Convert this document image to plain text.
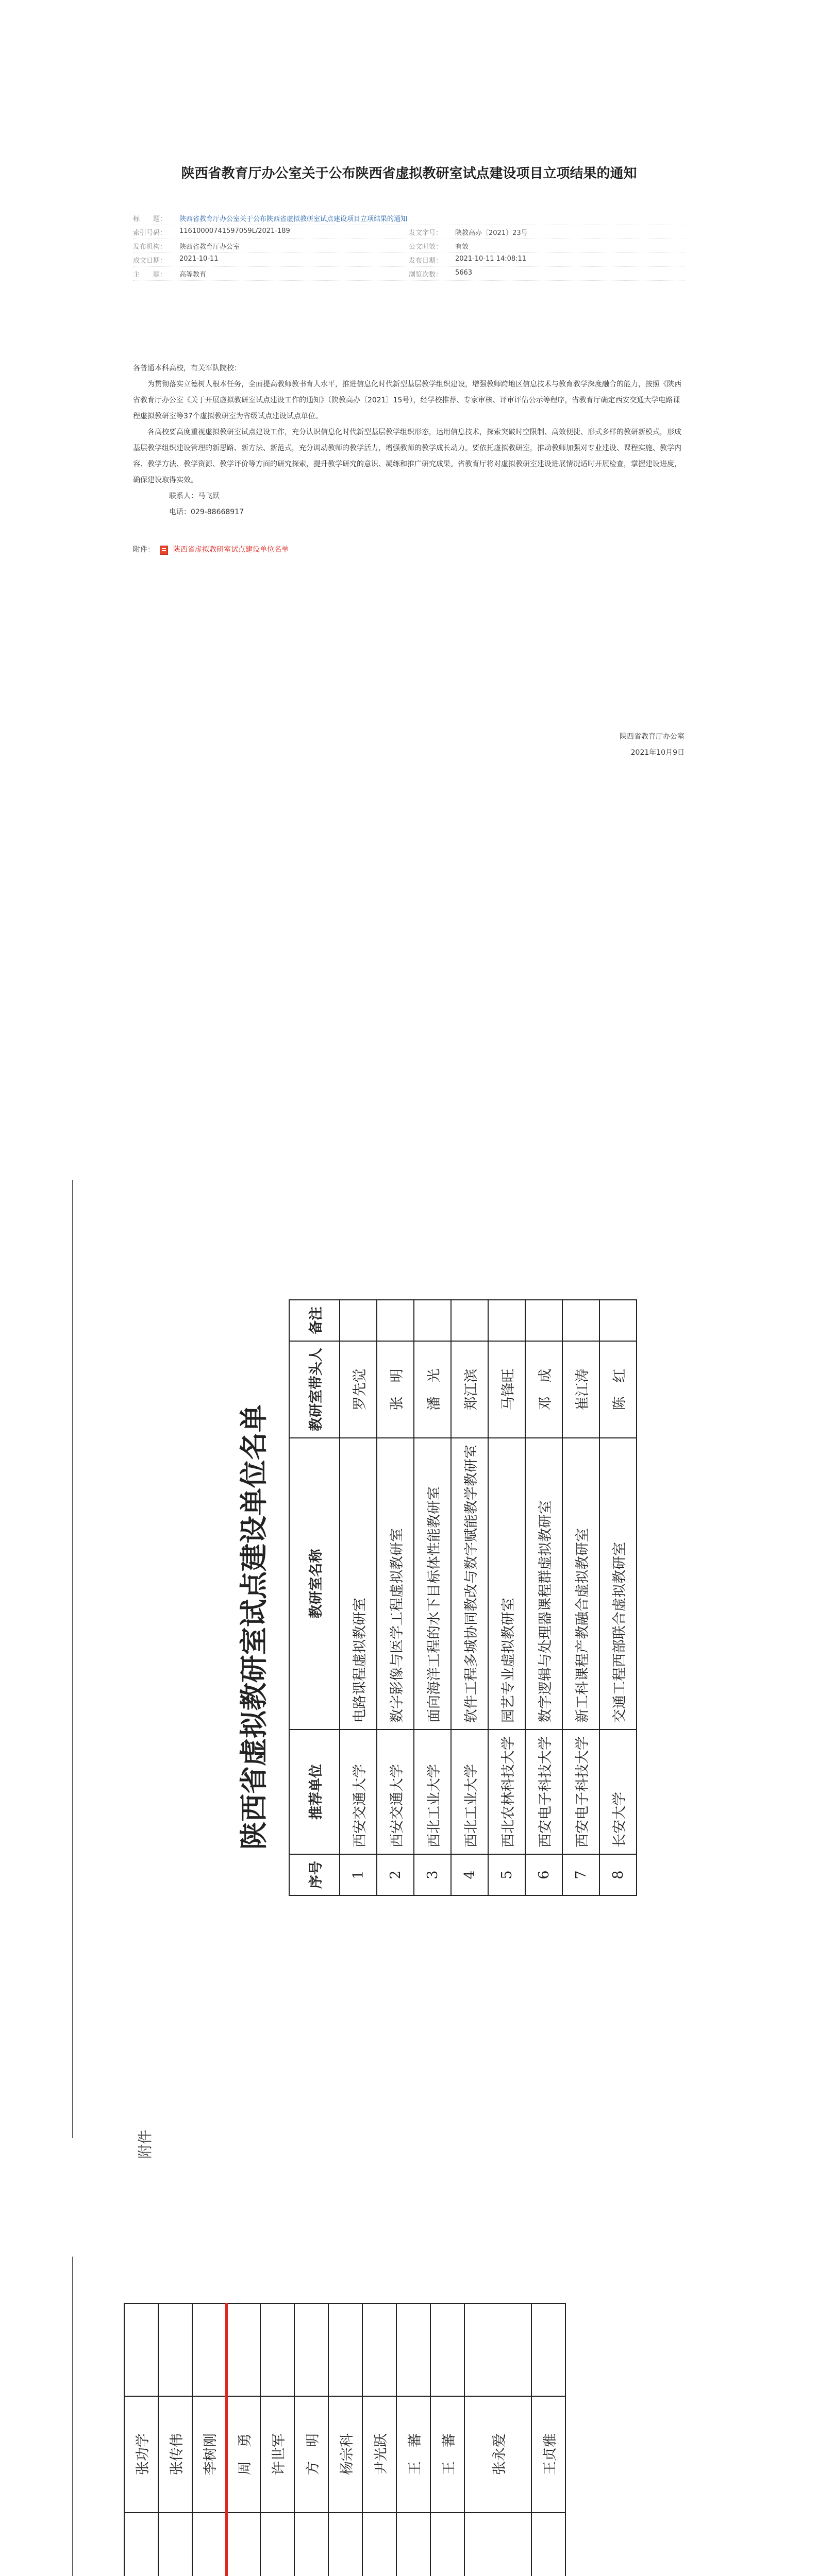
陕西省教育厅办公室关于公布陕西省虚拟教研室试点建设项目立项结果的通知
标　　题：	陕西省教育厅办公室关于公布陕西省虚拟教研室试点建设项目立项结果的通知
索引号码：	11610000741597059L/2021-189	发文字号：	陕教高办〔2021〕23号
发布机构：	陕西省教育厅办公室	公文时效：	有效
成文日期：	2021-10-11	发布日期：	2021-10-11 14:08:11
主　　题：	高等教育	浏览次数：	5663

各普通本科高校，有关军队院校：

为贯彻落实立德树人根本任务，全面提高教师教书育人水平，推进信息化时代新型基层教学组织建设，增强教师跨地区信息技术与教育教学深度融合的能力，按照《陕西省教育厅办公室《关于开展虚拟教研室试点建设工作的通知》（陕教高办〔2021〕15号），经学校推荐、专家审核、评审评估公示等程序，省教育厅确定西安交通大学电路课程虚拟教研室等37个虚拟教研室为省级试点建设试点单位。

各高校要高度重视虚拟教研室试点建设工作，充分认识信息化时代新型基层教学组织形态，运用信息技术，探索突破时空限制、高效便捷、形式多样的教研新模式，形成基层教学组织建设管理的新思路、新方法、新范式，充分调动教师的教学活力，增强教师的教学成长动力。要依托虚拟教研室，推动教师加强对专业建设、课程实施、教学内容、教学方法、教学资源、教学评价等方面的研究探索，提升教学研究的意识、凝练和推广研究成果。省教育厅将对虚拟教研室建设进展情况适时开展检查，掌握建设进度，确保建设取得实效。

联系人：马飞跃

电话：029-88668917

附件：	陕西省虚拟教研室试点建设单位名单

陕西省教育厅办公室

2021年10月9日

附件
陕西省虚拟教研室试点建设单位名单
序号	推荐单位	教研室名称	教研室带头人	备注
1	西安交通大学	电路课程虚拟教研室	罗先觉	
2	西安交通大学	数字影像与医学工程虚拟教研室	张　明	
3	西北工业大学	面向海洋工程的水下目标体性能教研室	潘　光	
4	西北工业大学	软件工程多城协同教改与数字赋能教学教研室	郑江滨	
5	西北农林科技大学	园艺专业虚拟教研室	马锋旺	
6	西安电子科技大学	数字逻辑与处理器课程群虚拟教研室	邓　成	
7	西安电子科技大学	新工科课程产教融合虚拟教研室	崔江涛	
8	长安大学	交通工程西部联合虚拟教研室	陈　红	
			张功学	
			张传伟	
			李树刚	
			周　勇	
			许世军	
			方　明	
			杨宗科	
			尹光跃	
			王　蕃	
			王　蕃	
			张永爱	
			王贞雅	
